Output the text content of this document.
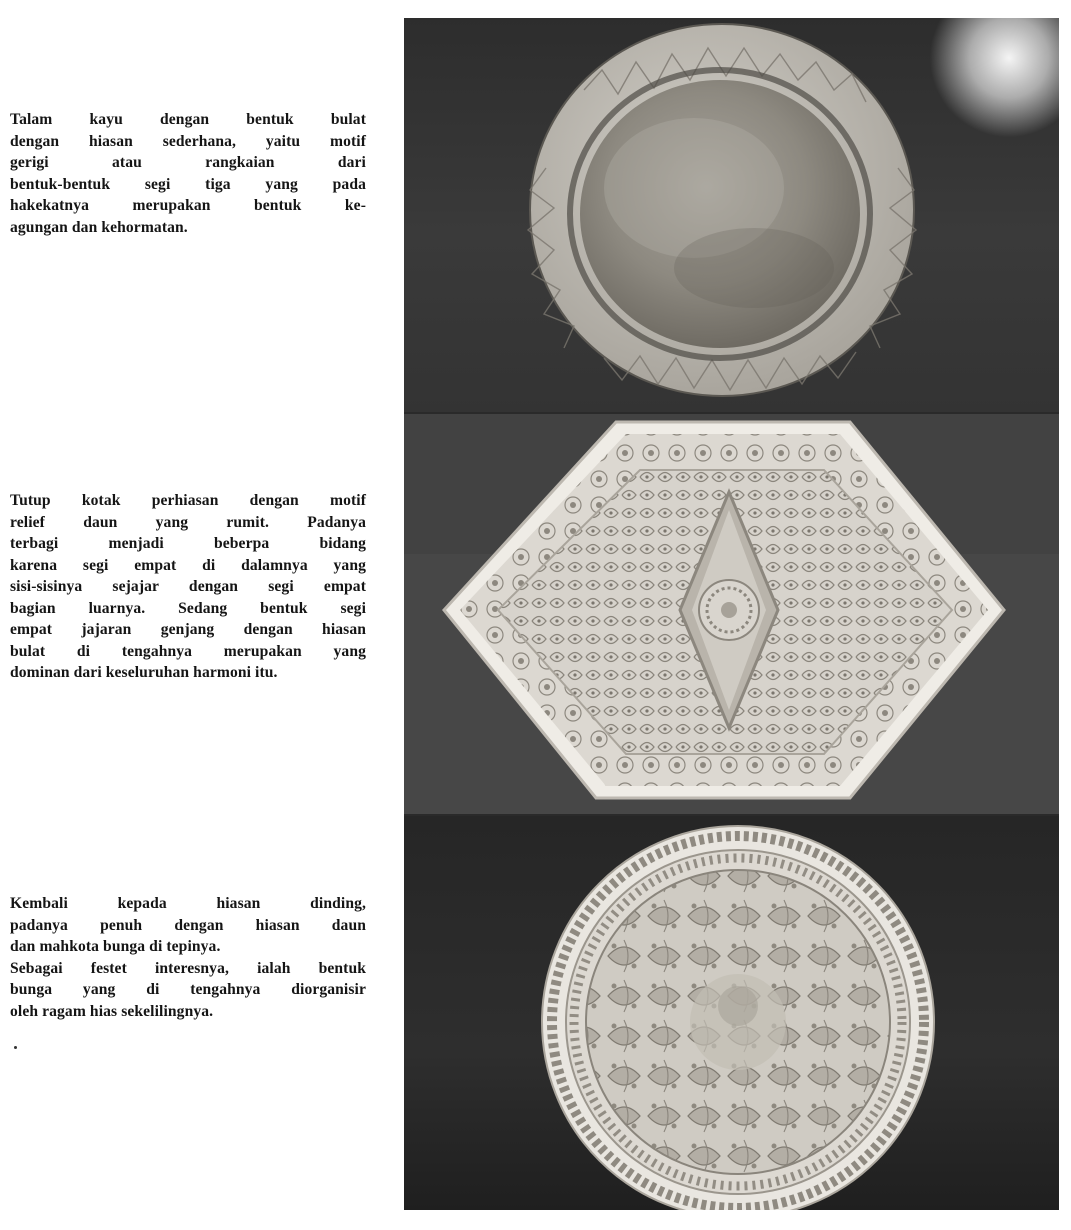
Talam kayu dengan bentuk bulat
dengan hiasan sederhana, yaitu motif
gerigi atau rangkaian dari
bentuk-bentuk segi tiga yang pada
hakekatnya merupakan bentuk ke-
agungan dan kehormatan.
Tutup kotak perhiasan dengan motif
relief daun yang rumit. Padanya
terbagi menjadi beberpa bidang
karena segi empat di dalamnya yang
sisi-sisinya sejajar dengan segi empat
bagian luarnya. Sedang bentuk segi
empat jajaran genjang dengan hiasan
bulat di tengahnya merupakan yang
dominan dari keseluruhan harmoni itu.
Kembali kepada hiasan dinding,
padanya penuh dengan hiasan daun
dan mahkota bunga di tepinya.
Sebagai festet interesnya, ialah bentuk
bunga yang di tengahnya diorganisir
oleh ragam hias sekelilingnya.
